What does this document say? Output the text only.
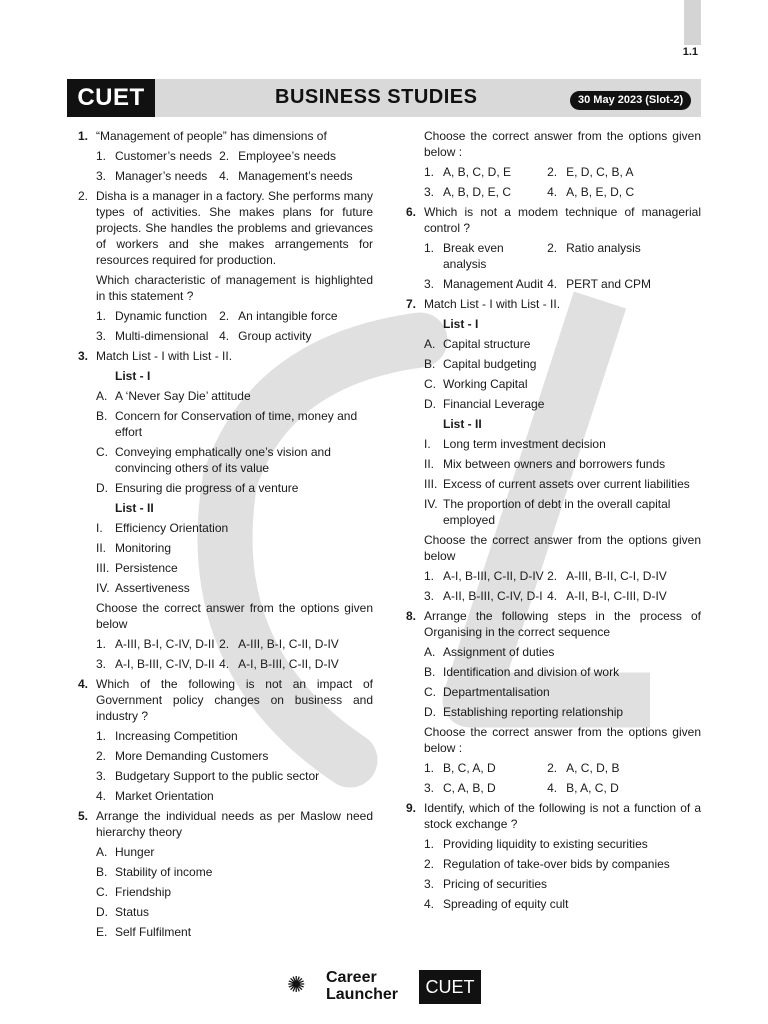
1.1
CUET	BUSINESS STUDIES	30 May 2023 (Slot-2)
1. “Management of people” has dimensions of
1. Customer’s needs 2. Employee’s needs
3. Manager’s needs 4. Management’s needs
2. Disha is a manager in a factory. She performs many types of activities. She makes plans for future projects. She handles the problems and grievances of workers and she makes arrangements for resources required for production.
Which characteristic of management is highlighted in this statement ?
1. Dynamic function 2. An intangible force
3. Multi-dimensional 4. Group activity
3. Match List - I with List - II.
List - I
A. A ‘Never Say Die’ attitude
B. Concern for Conservation of time, money and effort
C. Conveying emphatically one’s vision and convincing others of its value
D. Ensuring die progress of a venture
List - II
I.	Efficiency Orientation
II. Monitoring
III. Persistence
IV. Assertiveness
Choose the correct answer from the options given below
1. A-III, B-I, C-IV, D-II 2. A-III, B-I, C-II, D-IV
3. A-I, B-III, C-IV, D-II 4. A-I, B-III, C-II, D-IV
4. Which of the following is not an impact of Government policy changes on business and industry ?
1. Increasing Competition
2. More Demanding Customers
3. Budgetary Support to the public sector
4. Market Orientation
5. Arrange the individual needs as per Maslow need hierarchy theory
A. Hunger
B. Stability of income
C. Friendship
D. Status
E. Self Fulfilment
Choose the correct answer from the options given below :
1. A, B, C, D, E	2. E, D, C, B, A
3. A, B, D, E, C	4. A, B, E, D, C
6. Which is not a modem technique of managerial control ?
1. Break even analysis
2. Ratio analysis
3. Management Audit 4. PERT and CPM
7. Match List - I with List - II.
List - I
A. Capital structure
B. Capital budgeting
C. Working Capital
D. Financial Leverage
List - II
I.	Long term investment decision
II. Mix between owners and borrowers funds
III. Excess of current assets over current liabilities
IV. The proportion of debt in the overall capital employed
Choose the correct answer from the options given below
1. A-I, B-III, C-II, D-IV 2. A-III, B-II, C-I, D-IV
3. A-II, B-III, C-IV, D-I 4. A-II, B-I, C-III, D-IV
8. Arrange the following steps in the process of Organising in the correct sequence
A. Assignment of duties
B. Identification and division of work
C. Departmentalisation
D. Establishing reporting relationship
Choose the correct answer from the options given below :
1. B, C, A, D	2. A, C, D, B
3. C, A, B, D	4. B, A, C, D
9. Identify, which of the following is not a function of a stock exchange ?
1. Providing liquidity to existing securities
2. Regulation of take-over bids by companies
3. Pricing of securities
4. Spreading of equity cult
✺ Career
Launcher	CUET
